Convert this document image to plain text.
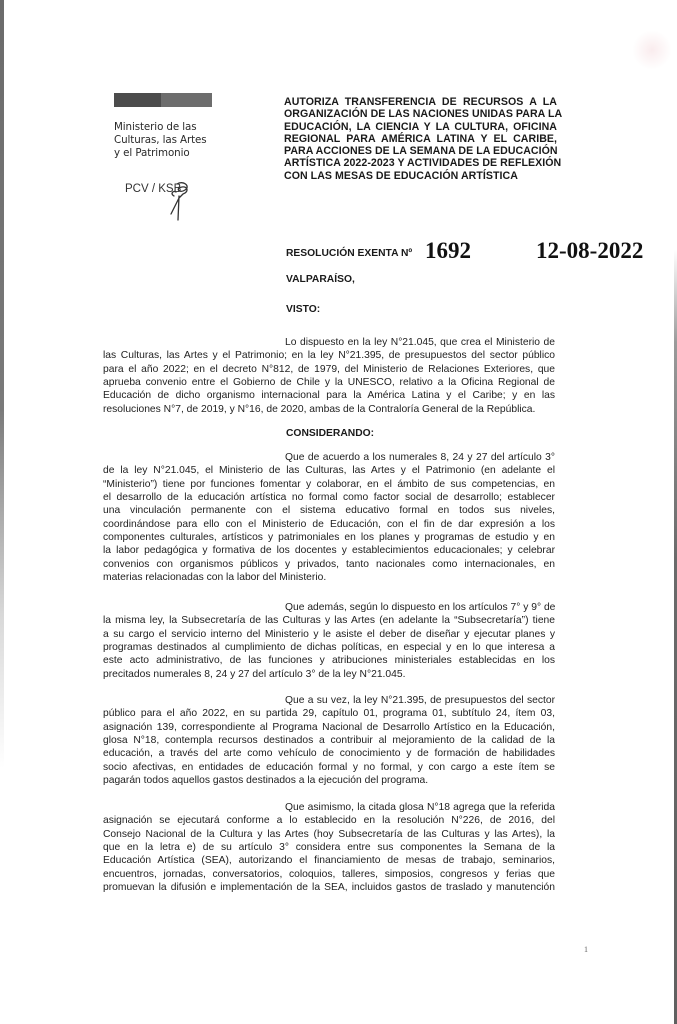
Ministerio de las
Culturas, las Artes
y el Patrimonio
PCV / KSB
AUTORIZA TRANSFERENCIA DE RECURSOS A LA
ORGANIZACIÓN DE LAS NACIONES UNIDAS PARA LA
EDUCACIÓN, LA CIENCIA Y LA CULTURA, OFICINA
REGIONAL PARA AMÉRICA LATINA Y EL CARIBE,
PARA ACCIONES DE LA SEMANA DE LA EDUCACIÓN
ARTÍSTICA 2022-2023 Y ACTIVIDADES DE REFLEXIÓN
CON LAS MESAS DE EDUCACIÓN ARTÍSTICA
RESOLUCIÓN EXENTA Nº 1692	12-08-2022
VALPARAÍSO,
VISTO:
CONSIDERANDO:
Lo dispuesto en la ley N°21.045, que crea el Ministerio de
las Culturas, las Artes y el Patrimonio; en la ley N°21.395, de presupuestos del sector público
para el año 2022; en el decreto N°812, de 1979, del Ministerio de Relaciones Exteriores, que
aprueba convenio entre el Gobierno de Chile y la UNESCO, relativo a la Oficina Regional de
Educación de dicho organismo internacional para la América Latina y el Caribe; y en las
resoluciones N°7, de 2019, y N°16, de 2020, ambas de la Contraloría General de la República.
Que de acuerdo a los numerales 8, 24 y 27 del artículo 3°
de la ley N°21.045, el Ministerio de las Culturas, las Artes y el Patrimonio (en adelante el
“Ministerio”) tiene por funciones fomentar y colaborar, en el ámbito de sus competencias, en
el desarrollo de la educación artística no formal como factor social de desarrollo; establecer
una vinculación permanente con el sistema educativo formal en todos sus niveles,
coordinándose para ello con el Ministerio de Educación, con el fin de dar expresión a los
componentes culturales, artísticos y patrimoniales en los planes y programas de estudio y en
la labor pedagógica y formativa de los docentes y establecimientos educacionales; y celebrar
convenios con organismos públicos y privados, tanto nacionales como internacionales, en
materias relacionadas con la labor del Ministerio.
Que además, según lo dispuesto en los artículos 7° y 9° de
la misma ley, la Subsecretaría de las Culturas y las Artes (en adelante la “Subsecretaría”) tiene
a su cargo el servicio interno del Ministerio y le asiste el deber de diseñar y ejecutar planes y
programas destinados al cumplimiento de dichas políticas, en especial y en lo que interesa a
este acto administrativo, de las funciones y atribuciones ministeriales establecidas en los
precitados numerales 8, 24 y 27 del artículo 3° de la ley N°21.045.
Que a su vez, la ley N°21.395, de presupuestos del sector
público para el año 2022, en su partida 29, capítulo 01, programa 01, subtítulo 24, ítem 03,
asignación 139, correspondiente al Programa Nacional de Desarrollo Artístico en la Educación,
glosa N°18, contempla recursos destinados a contribuir al mejoramiento de la calidad de la
educación, a través del arte como vehículo de conocimiento y de formación de habilidades
socio afectivas, en entidades de educación formal y no formal, y con cargo a este ítem se
pagarán todos aquellos gastos destinados a la ejecución del programa.
Que asimismo, la citada glosa N°18 agrega que la referida
asignación se ejecutará conforme a lo establecido en la resolución N°226, de 2016, del
Consejo Nacional de la Cultura y las Artes (hoy Subsecretaría de las Culturas y las Artes), la
que en la letra e) de su artículo 3° considera entre sus componentes la Semana de la
Educación Artística (SEA), autorizando el financiamiento de mesas de trabajo, seminarios,
encuentros, jornadas, conversatorios, coloquios, talleres, simposios, congresos y ferias que
promuevan la difusión e implementación de la SEA, incluidos gastos de traslado y manutención
1
